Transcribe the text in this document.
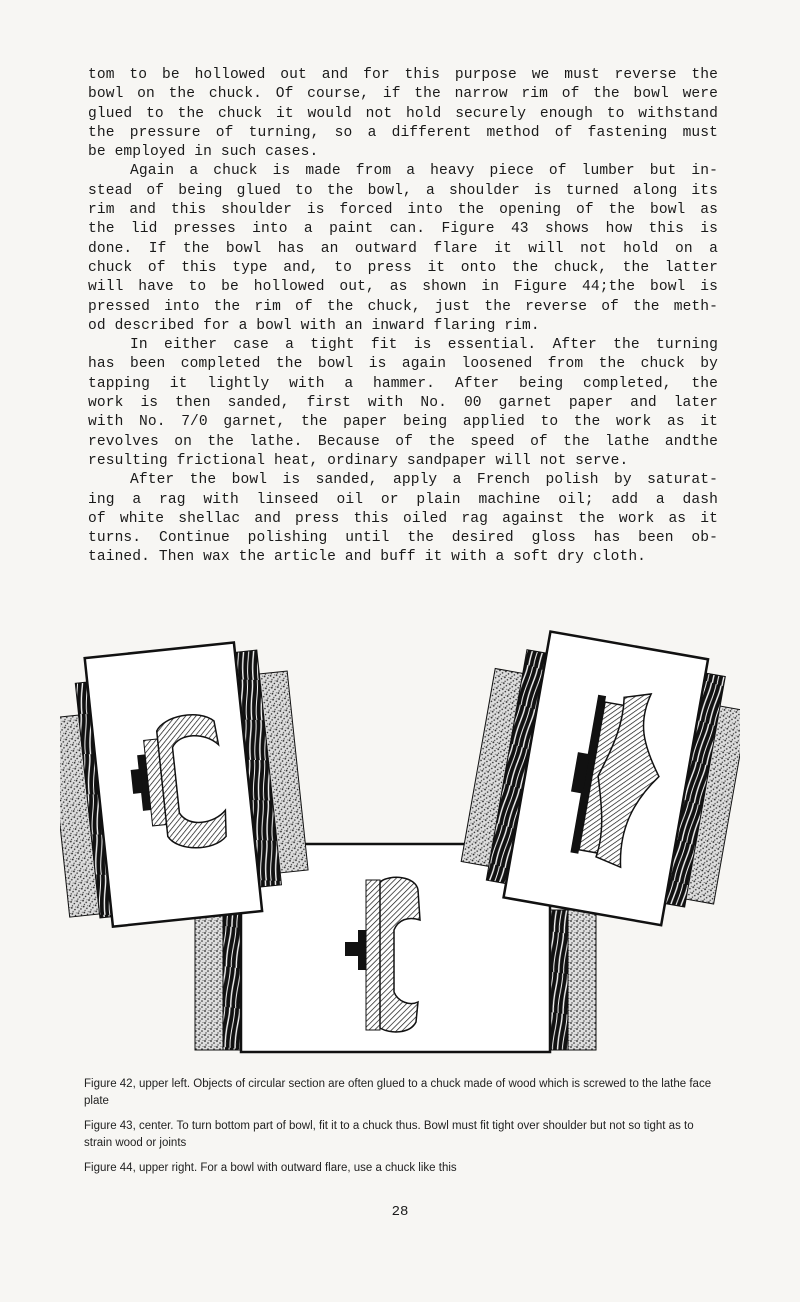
tom to be hollowed out and for this purpose we must reverse the

bowl on the chuck. Of course, if the narrow rim of the bowl were

glued to the chuck it would not hold securely enough to withstand

the pressure of turning, so a different method of fastening must

be employed in such cases.

Again a chuck is made from a heavy piece of lumber but in-

stead of being glued to the bowl, a shoulder is turned along its

rim and this shoulder is forced into the opening of the bowl as

the lid presses into a paint can. Figure 43 shows how this is

done. If the bowl has an outward flare it will not hold on a

chuck of this type and, to press it onto the chuck, the latter

will have to be hollowed out, as shown in Figure 44;the bowl is

pressed into the rim of the chuck, just the reverse of the meth-

od described for a bowl with an inward flaring rim.

In either case a tight fit is essential. After the turning

has been completed the bowl is again loosened from the chuck by

tapping it lightly with a hammer. After being completed, the

work is then sanded, first with No. 00 garnet paper and later

with No. 7/0 garnet, the paper being applied to the work as it

revolves on the lathe. Because of the speed of the lathe andthe

resulting frictional heat, ordinary sandpaper will not serve.

After the bowl is sanded, apply a French polish by saturat-

ing a rag with linseed oil or plain machine oil; add a dash

of white shellac and press this oiled rag against the work as it

turns. Continue polishing until the desired gloss has been ob-

tained. Then wax the article and buff it with a soft dry cloth.

Figure 42, upper left. Objects of circular section are often glued to a chuck made of wood which is screwed to the lathe face plate

Figure 43, center. To turn bottom part of bowl, fit it to a chuck thus. Bowl must fit tight over shoulder but not so tight as to strain wood or joints

Figure 44, upper right. For a bowl with outward flare, use a chuck like this

28
